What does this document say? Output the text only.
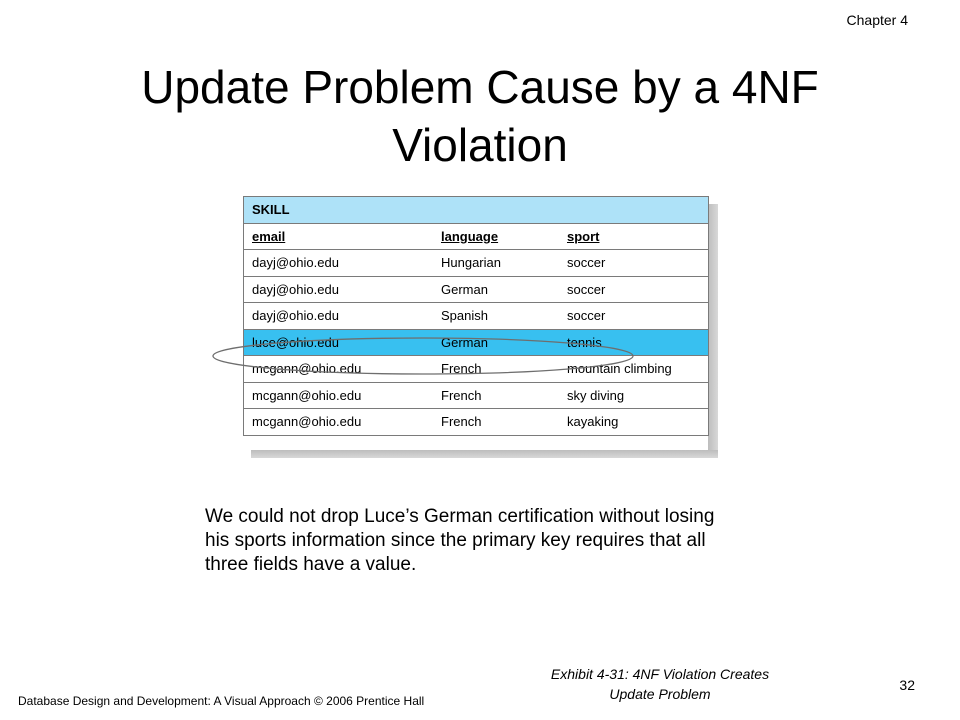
Chapter 4
Update Problem Cause by a 4NF Violation
SKILL		
email	language	sport
dayj@ohio.edu	Hungarian	soccer
dayj@ohio.edu	German	soccer
dayj@ohio.edu	Spanish	soccer
luce@ohio.edu	German	tennis
mcgann@ohio.edu	French	mountain climbing
mcgann@ohio.edu	French	sky diving
mcgann@ohio.edu	French	kayaking
We could not drop Luce’s German certification without losing his sports information since the primary key requires that all three fields have a value.
Exhibit 4-31: 4NF Violation Creates
Update Problem
Database Design and Development: A Visual Approach © 2006 Prentice Hall
32
